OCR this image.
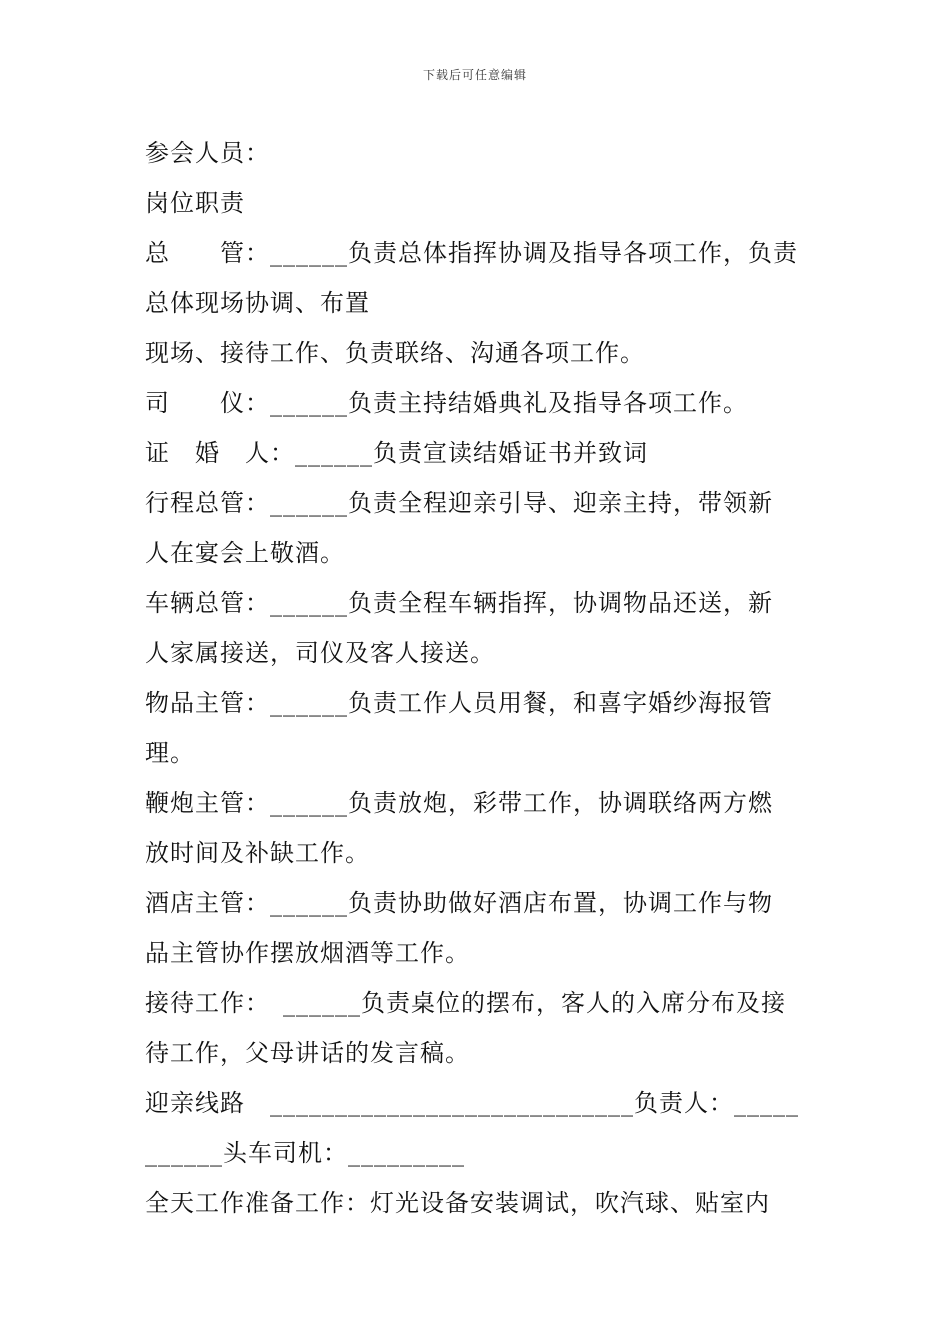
下载后可任意编辑
参会人员：
岗位职责
总　　管：______负责总体指挥协调及指导各项工作，负责
总体现场协调、布置
现场、接待工作、负责联络、沟通各项工作。
司　　仪：______负责主持结婚典礼及指导各项工作。
证　婚　人：______负责宣读结婚证书并致词
行程总管：______负责全程迎亲引导、迎亲主持，带领新
人在宴会上敬酒。
车辆总管：______负责全程车辆指挥，协调物品还送，新
人家属接送，司仪及客人接送。
物品主管：______负责工作人员用餐，和喜字婚纱海报管
理。
鞭炮主管：______负责放炮，彩带工作，协调联络两方燃
放时间及补缺工作。
酒店主管：______负责协助做好酒店布置，协调工作与物
品主管协作摆放烟酒等工作。
接待工作：　______负责桌位的摆布，客人的入席分布及接
待工作，父母讲话的发言稿。
迎亲线路　____________________________负责人：_____
______头车司机：_________
全天工作准备工作：灯光设备安装调试，吹汽球、贴室内
